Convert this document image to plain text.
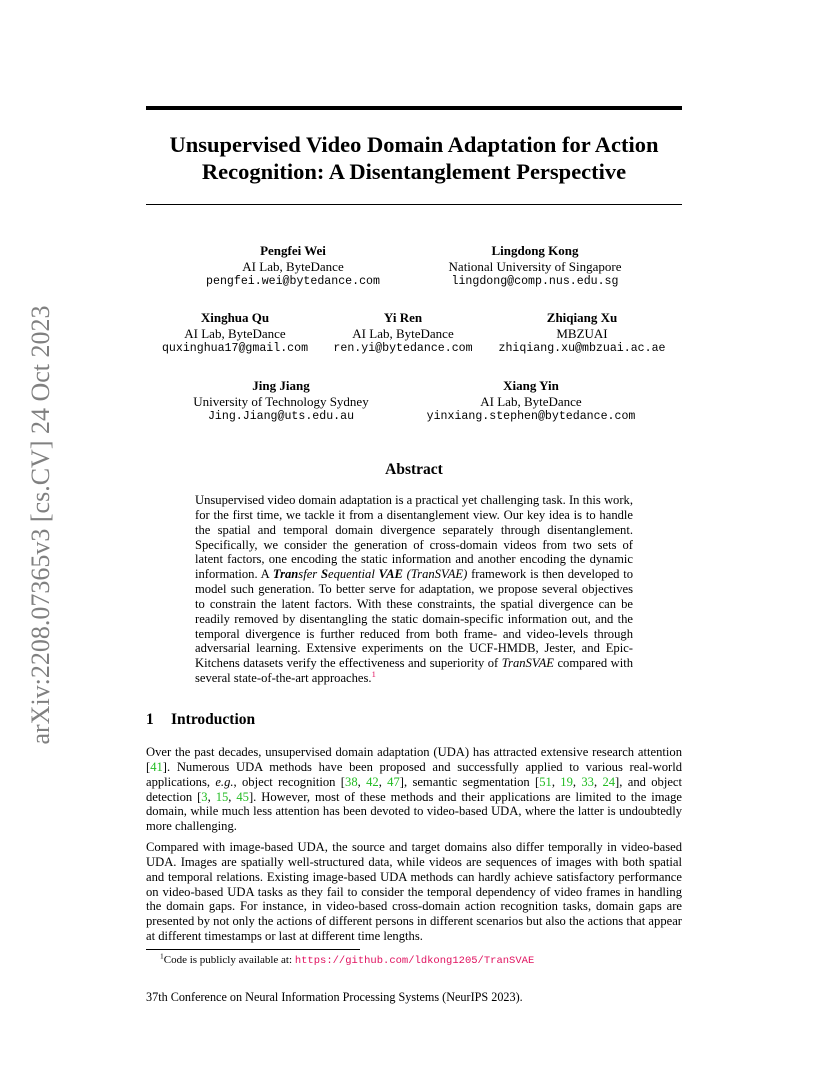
arXiv:2208.07365v3 [cs.CV] 24 Oct 2023
Unsupervised Video Domain Adaptation for Action
Recognition: A Disentanglement Perspective
Pengfei Wei
AI Lab, ByteDance
pengfei.wei@bytedance.com
Lingdong Kong
National University of Singapore
lingdong@comp.nus.edu.sg
Xinghua Qu
AI Lab, ByteDance
quxinghua17@gmail.com
Yi Ren
AI Lab, ByteDance
ren.yi@bytedance.com
Zhiqiang Xu
MBZUAI
zhiqiang.xu@mbzuai.ac.ae
Jing Jiang
University of Technology Sydney
Jing.Jiang@uts.edu.au
Xiang Yin
AI Lab, ByteDance
yinxiang.stephen@bytedance.com
Abstract
Unsupervised video domain adaptation is a practical yet challenging task. In this work, for the first time, we tackle it from a disentanglement view. Our key idea is to handle the spatial and temporal domain divergence separately through disentanglement. Specifically, we consider the generation of cross-domain videos from two sets of latent factors, one encoding the static information and another encoding the dynamic information. A Transfer Sequential VAE (TranSVAE) framework is then developed to model such generation. To better serve for adaptation, we propose several objectives to constrain the latent factors. With these constraints, the spatial divergence can be readily removed by disentangling the static domain-specific information out, and the temporal divergence is further reduced from both frame- and video-levels through adversarial learning. Extensive experiments on the UCF-HMDB, Jester, and Epic-Kitchens datasets verify the effectiveness and superiority of TranSVAE compared with several state-of-the-art approaches.$^1$
1 Introduction
Over the past decades, unsupervised domain adaptation (UDA) has attracted extensive research attention [41]. Numerous UDA methods have been proposed and successfully applied to various real-world applications, e.g., object recognition [38, 42, 47], semantic segmentation [51, 19, 33, 24], and object detection [3, 15, 45]. However, most of these methods and their applications are limited to the image domain, while much less attention has been devoted to video-based UDA, where the latter is undoubtedly more challenging.
Compared with image-based UDA, the source and target domains also differ temporally in video-based UDA. Images are spatially well-structured data, while videos are sequences of images with both spatial and temporal relations. Existing image-based UDA methods can hardly achieve satisfactory performance on video-based UDA tasks as they fail to consider the temporal dependency of video frames in handling the domain gaps. For instance, in video-based cross-domain action recognition tasks, domain gaps are presented by not only the actions of different persons in different scenarios but also the actions that appear at different timestamps or last at different time lengths.
$^1$Code is publicly available at: https://github.com/ldkong1205/TranSVAE
37th Conference on Neural Information Processing Systems (NeurIPS 2023).
